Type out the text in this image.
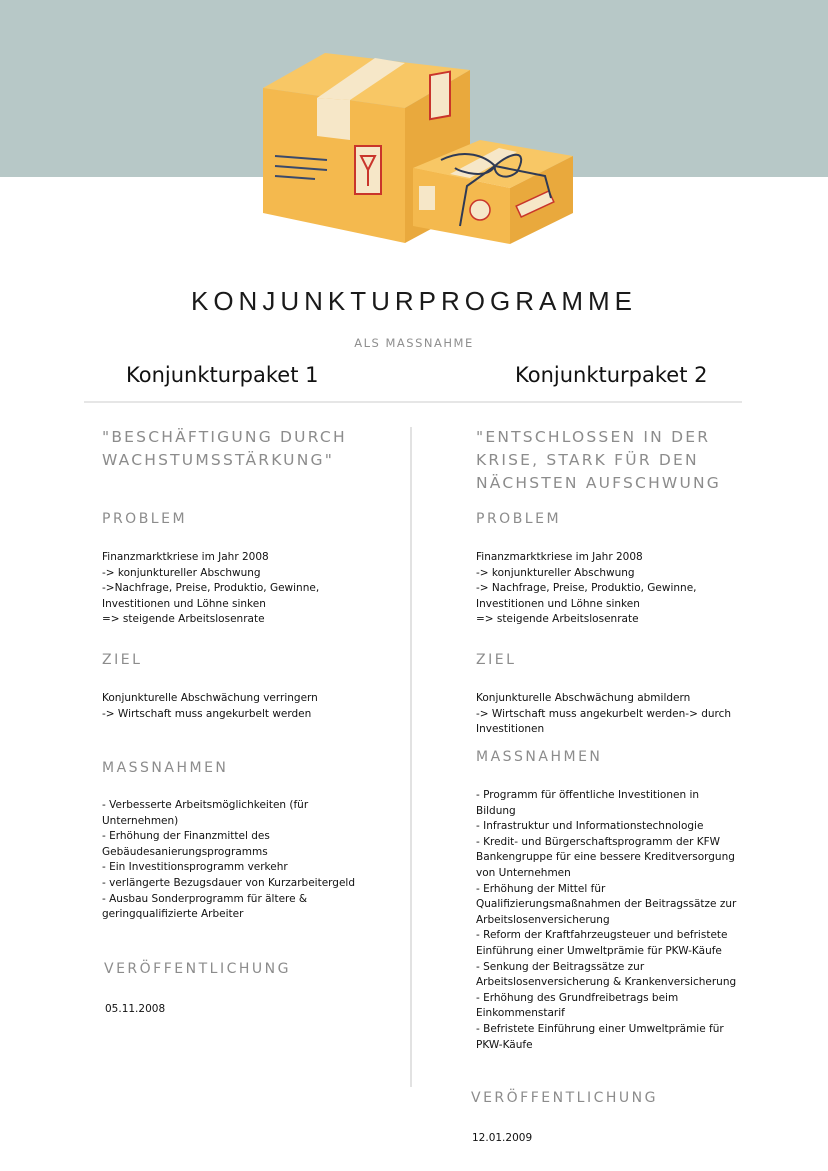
KONJUNKTURPROGRAMME
ALS MASSNAHME
Konjunkturpaket 1	Konjunkturpaket 2
"BESCHÄFTIGUNG DURCH
WACHSTUMSSTÄRKUNG"
PROBLEM
Finanzmarktkriese im Jahr 2008
-> konjunktureller Abschwung
->Nachfrage, Preise, Produktio, Gewinne,
Investitionen und Löhne sinken
=> steigende Arbeitslosenrate
ZIEL
Konjunkturelle Abschwächung verringern
-> Wirtschaft muss angekurbelt werden
MASSNAHMEN
- Verbesserte Arbeitsmöglichkeiten (für
Unternehmen)
- Erhöhung der Finanzmittel des
Gebäudesanierungsprogramms
- Ein Investitionsprogramm verkehr
- verlängerte Bezugsdauer von Kurzarbeitergeld
- Ausbau Sonderprogramm für ältere &
geringqualifizierte Arbeiter
VERÖFFENTLICHUNG
05.11.2008
"ENTSCHLOSSEN IN DER
KRISE, STARK FÜR DEN
NÄCHSTEN AUFSCHWUNG
PROBLEM
Finanzmarktkriese im Jahr 2008
-> konjunktureller Abschwung
-> Nachfrage, Preise, Produktio, Gewinne,
Investitionen und Löhne sinken
=> steigende Arbeitslosenrate
ZIEL
Konjunkturelle Abschwächung abmildern
-> Wirtschaft muss angekurbelt werden-> durch
Investitionen
MASSNAHMEN
- Programm für öffentliche Investitionen in
Bildung
- Infrastruktur und Informationstechnologie
- Kredit- und Bürgerschaftsprogramm der KFW
Bankengruppe für eine bessere Kreditversorgung
von Unternehmen
- Erhöhung der Mittel für
Qualifizierungsmaßnahmen der Beitragssätze zur
Arbeitslosenversicherung
- Reform der Kraftfahrzeugsteuer und befristete
Einführung einer Umweltprämie für PKW-Käufe
- Senkung der Beitragssätze zur
Arbeitslosenversicherung & Krankenversicherung
- Erhöhung des Grundfreibetrags beim
Einkommenstarif
- Befristete Einführung einer Umweltprämie für
PKW-Käufe
VERÖFFENTLICHUNG
12.01.2009
